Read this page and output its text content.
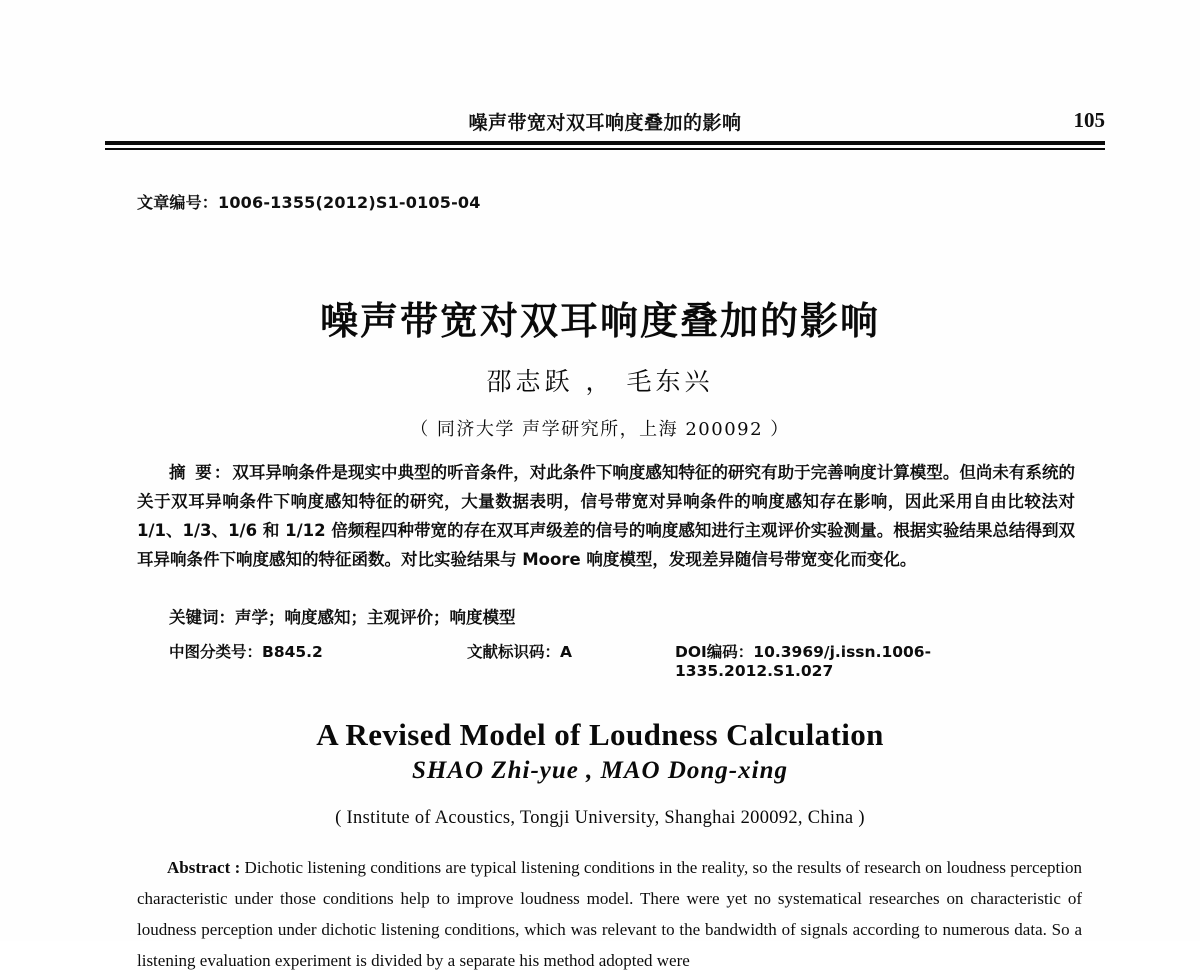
噪声带宽对双耳响度叠加的影响	105
文章编号：1006-1355(2012)S1-0105-04
噪声带宽对双耳响度叠加的影响
邵志跃 ， 毛东兴
（ 同济大学 声学研究所，上海 200092 ）
摘 要：双耳异响条件是现实中典型的听音条件，对此条件下响度感知特征的研究有助于完善响度计算模型。但尚未有系统的关于双耳异响条件下响度感知特征的研究，大量数据表明，信号带宽对异响条件的响度感知存在影响，因此采用自由比较法对 1/1、1/3、1/6 和 1/12 倍频程四种带宽的存在双耳声级差的信号的响度感知进行主观评价实验测量。根据实验结果总结得到双耳异响条件下响度感知的特征函数。对比实验结果与 Moore 响度模型，发现差异随信号带宽变化而变化。
关键词：声学；响度感知；主观评价；响度模型
中图分类号：B845.2	文献标识码：A	DOI编码：10.3969/j.issn.1006-1335.2012.S1.027
A Revised Model of Loudness Calculation
SHAO Zhi-yue , MAO Dong-xing
( Institute of Acoustics, Tongji University, Shanghai 200092, China )
Abstract : Dichotic listening conditions are typical listening conditions in the reality, so the results of research on loudness perception characteristic under those conditions help to improve loudness model. There were yet no systematical researches on characteristic of loudness perception under dichotic listening conditions, which was relevant to the bandwidth of signals according to numerous data. So a listening evaluation experiment is divided by a separate his method adopted were
